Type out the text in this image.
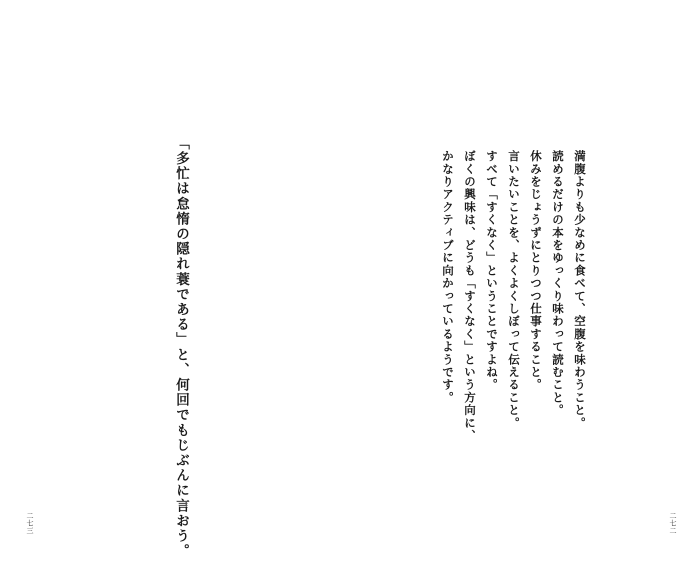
「多忙は怠惰の隠れ蓑である」と、何回でもじぶんに言おう。	満腹よりも少なめに食べて、空腹を味わうこと。
読めるだけの本をゆっくり味わって読むこと。
休みをじょうずにとりつつ仕事すること。
言いたいことを、よくよくしぼって伝えること。
すべて「すくなく」ということですよね。
ぼくの興味は、どうも「すくなく」という方向に、
かなりアクティブに向かっているようです。
二七三	二七二
